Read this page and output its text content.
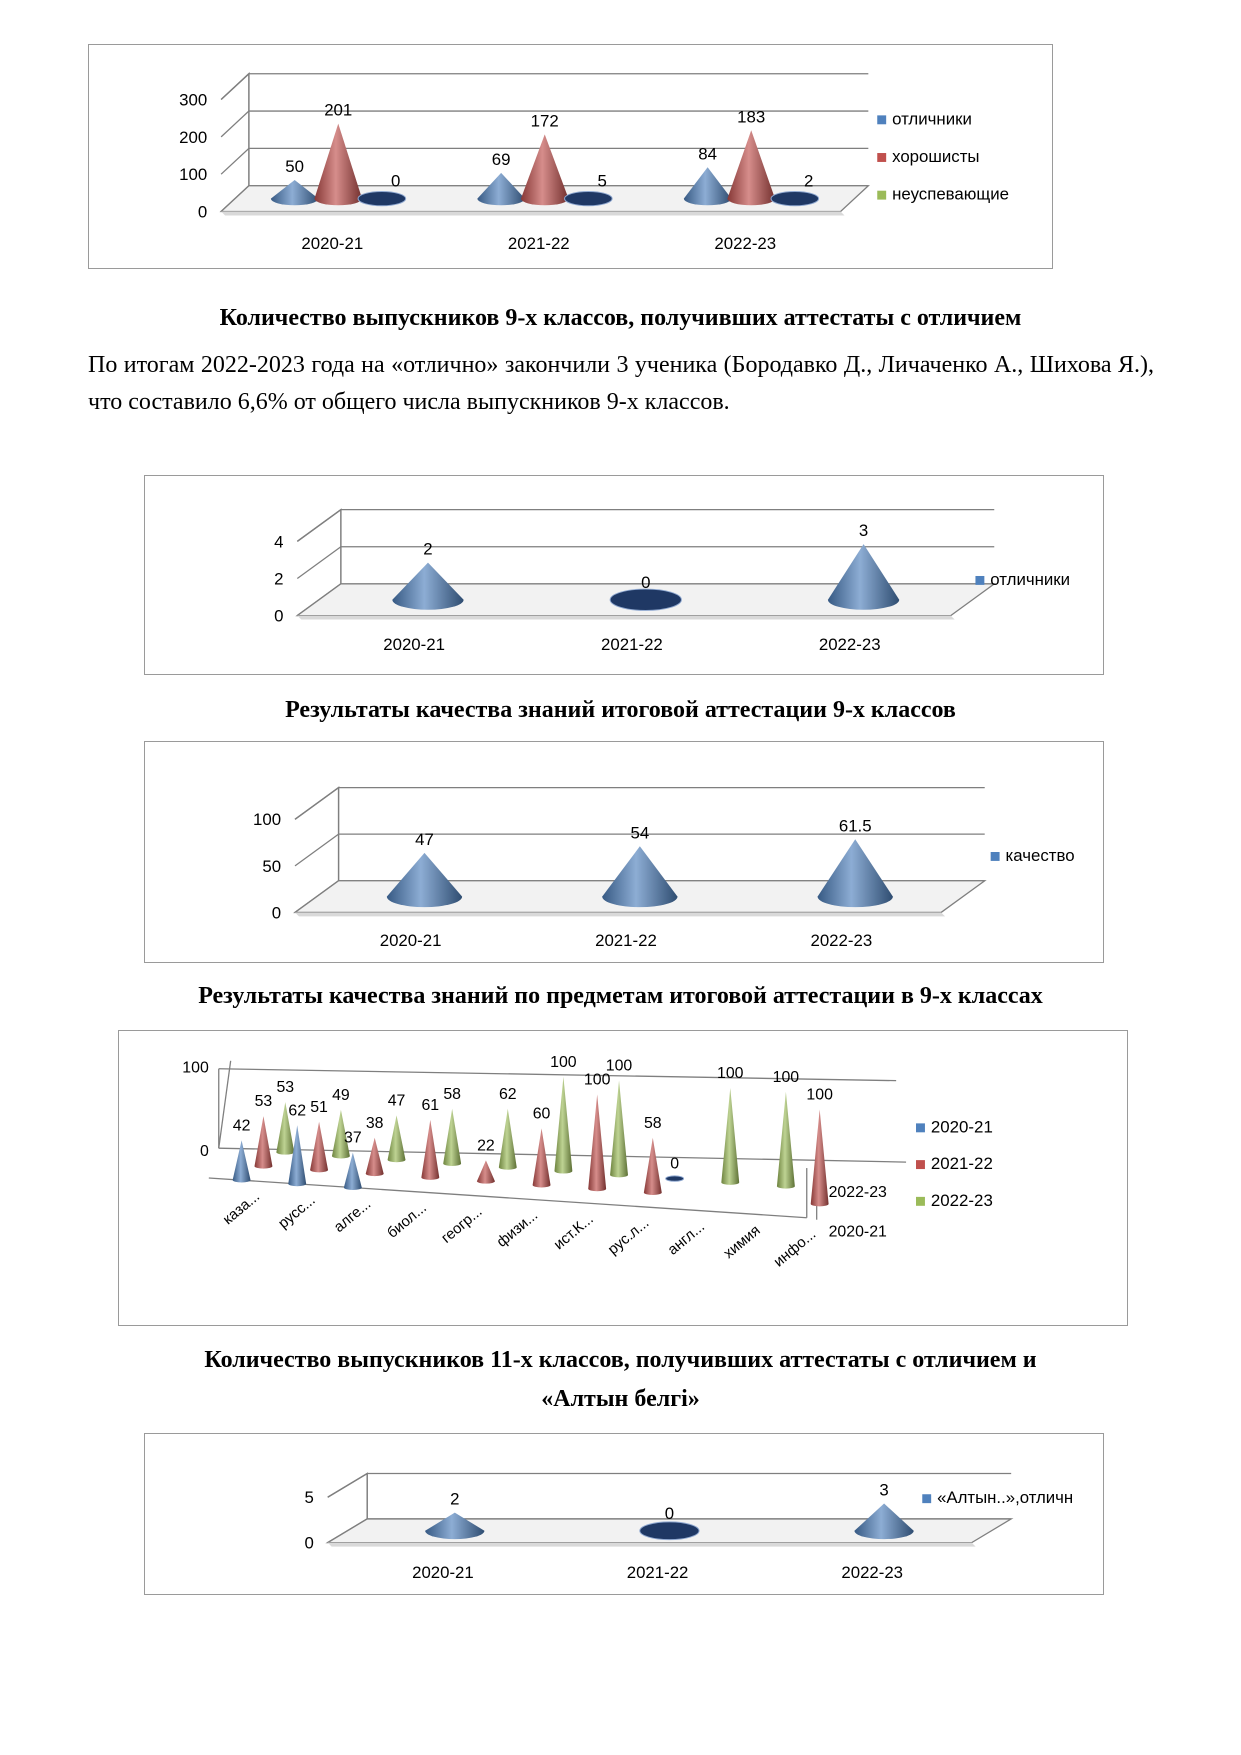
0
100
200
300
2020-21
50
201
0
2021-22
69
172
5
2022-23
84
183
2
отличники
хорошисты
неуспевающие
Количество выпускников 9-х классов, получивших аттестаты с отличием
По итогам 2022-2023 года на «отлично» закончили 3 ученика (Бородавко Д., Личаченко А., Шихова Я.), что составило 6,6% от общего числа выпускников 9-х классов.
0
2
4
2020-21
2
2021-22
0
2022-23
3
отличники
Результаты качества знаний итоговой аттестации 9-х классов
0
50
100
2020-21
47
2021-22
54
2022-23
61.5
качество
Результаты качества знаний по предметам итоговой аттестации в 9-х классах
100
0
2022-23
2020-21
53 49 47 58 62
100 100
0
100 100
53 51
38
61
22
60
100
58
100
42
62
37
каза... русс... алге... биол... геогр... физи... ист.К... рус.л... англ... химия инфо...
2020-21
2021-22
2022-23
Количество выпускников 11-х классов, получивших аттестаты с отличием и
«Алтын белгі»
0
5
2020-21
2
2021-22
0
2022-23
3	«Алтын..»,отличн
